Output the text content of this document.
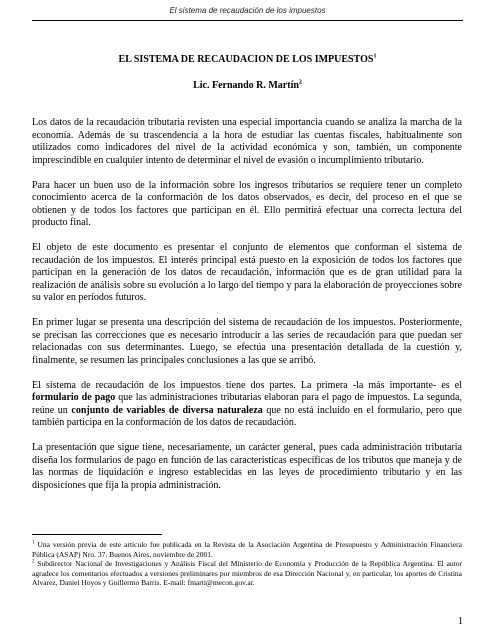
El sistema de recaudación de los impuestos
EL SISTEMA DE RECAUDACION DE LOS IMPUESTOS$^1$
Lic. Fernando R. Martín$^2$

Los datos de la recaudación tributaria revisten una especial importancia cuando se analiza la marcha de la economía. Además de su trascendencia a la hora de estudiar las cuentas fiscales, habitualmente son utilizados como indicadores del nivel de la actividad económica y son, también, un componente imprescindible en cualquier intento de determinar el nivel de evasión o incumplimiento tributario.

Para hacer un buen uso de la información sobre los ingresos tributarios se requiere tener un completo conocimiento acerca de la conformación de los datos observados, es decir, del proceso en el que se obtienen y de todos los factores que participan en él. Ello permitirá efectuar una correcta lectura del producto final.

El objeto de este documento es presentar el conjunto de elementos que conforman el sistema de recaudación de los impuestos. El interés principal está puesto en la exposición de todos los factores que participan en la generación de los datos de recaudación, información que es de gran utilidad para la realización de análisis sobre su evolución a lo largo del tiempo y para la elaboración de proyecciones sobre su valor en períodos futuros.

En primer lugar se presenta una descripción del sistema de recaudación de los impuestos. Posteriormente, se precisan las correcciones que es necesario introducir a las series de recaudación para que puedan ser relacionadas con sus determinantes. Luego, se efectúa una presentación detallada de la cuestión y, finalmente, se resumen las principales conclusiones a las que se arribó.

El sistema de recaudación de los impuestos tiene dos partes. La primera -la más importante- es el formulario de pago que las administraciones tributarias elaboran para el pago de impuestos. La segunda, reúne un conjunto de variables de diversa naturaleza que no está incluido en el formulario, pero que también participa en la conformación de los datos de recaudación.

La presentación que sigue tiene, necesariamente, un carácter general, pues cada administración tributaria diseña los formularios de pago en función de las características específicas de los tributos que maneja y de las normas de liquidación e ingreso establecidas en las leyes de procedimiento tributario y en las disposiciones que fija la propia administración.

$^1$ Una versión previa de este artículo fue publicada en la Revista de la Asociación Argentina de Presupuesto y Administración Financiera Pública (ASAP) Nro. 37. Buenos Aires, noviembre de 2001.

$^2$ Subdirector Nacional de Investigaciones y Análisis Fiscal del Ministerio de Economía y Producción de la República Argentina. El autor agradece los comentarios efectuados a versiones preliminares por miembros de esa Dirección Nacional y, en particular, los aportes de Cristina Alvarez, Daniel Hoyos y Guillermo Barris. E-mail: fmarti@mecon.gov.ar.

1
